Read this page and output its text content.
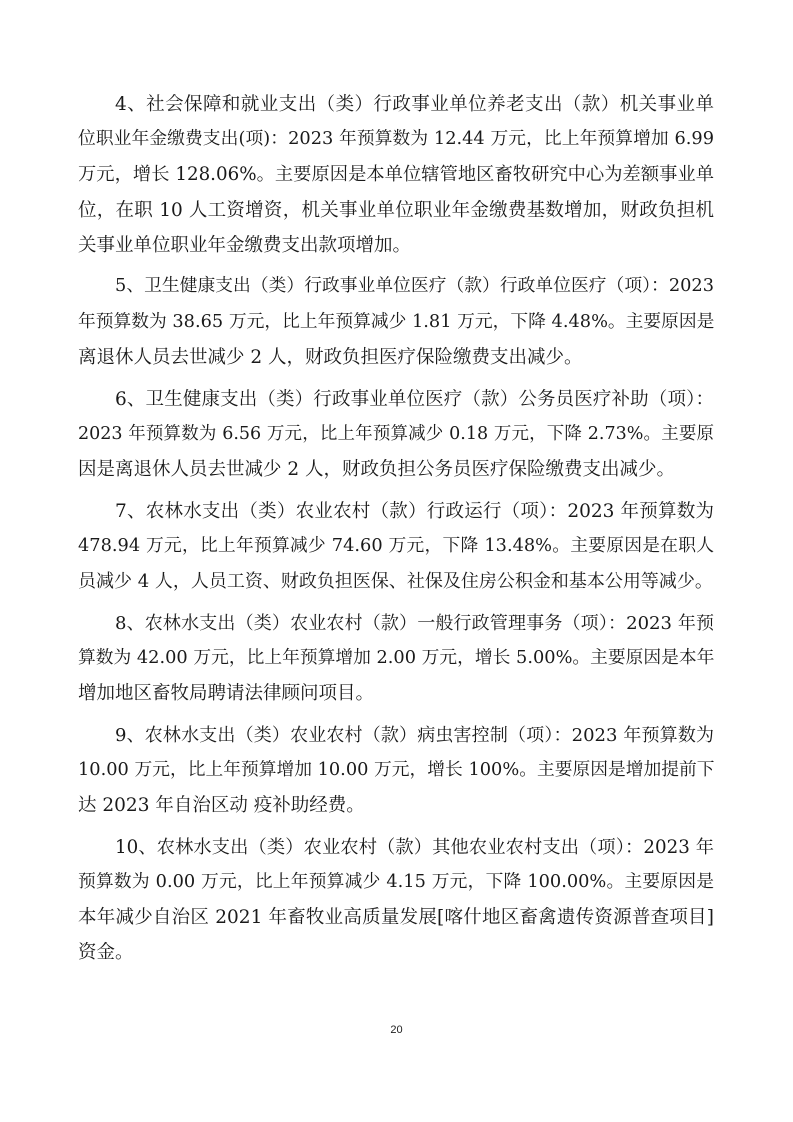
4、社会保障和就业支出（类）行政事业单位养老支出（款）机关事业单
位职业年金缴费支出(项)：2023 年预算数为 12.44 万元，比上年预算增加 6.99
万元，增长 128.06%。主要原因是本单位辖管地区畜牧研究中心为差额事业单
位，在职 10 人工资增资，机关事业单位职业年金缴费基数增加，财政负担机
关事业单位职业年金缴费支出款项增加。
5、卫生健康支出（类）行政事业单位医疗（款）行政单位医疗（项）：2023
年预算数为 38.65 万元，比上年预算减少 1.81 万元，下降 4.48%。主要原因是
离退休人员去世减少 2 人，财政负担医疗保险缴费支出减少。
6、卫生健康支出（类）行政事业单位医疗（款）公务员医疗补助（项）：
2023 年预算数为 6.56 万元，比上年预算减少 0.18 万元，下降 2.73%。主要原
因是离退休人员去世减少 2 人，财政负担公务员医疗保险缴费支出减少。
7、农林水支出（类）农业农村（款）行政运行（项）：2023 年预算数为
478.94 万元，比上年预算减少 74.60 万元，下降 13.48%。主要原因是在职人
员减少 4 人，人员工资、财政负担医保、社保及住房公积金和基本公用等减少。
8、农林水支出（类）农业农村（款）一般行政管理事务（项）：2023 年预
算数为 42.00 万元，比上年预算增加 2.00 万元，增长 5.00%。主要原因是本年
增加地区畜牧局聘请法律顾问项目。
9、农林水支出（类）农业农村（款）病虫害控制（项）：2023 年预算数为
10.00 万元，比上年预算增加 10.00 万元，增长 100%。主要原因是增加提前下
达 2023 年自治区动 疫补助经费。
10、农林水支出（类）农业农村（款）其他农业农村支出（项）：2023 年
预算数为 0.00 万元，比上年预算减少 4.15 万元，下降 100.00%。主要原因是
本年减少自治区 2021 年畜牧业高质量发展[喀什地区畜禽遗传资源普查项目]
资金。
20
